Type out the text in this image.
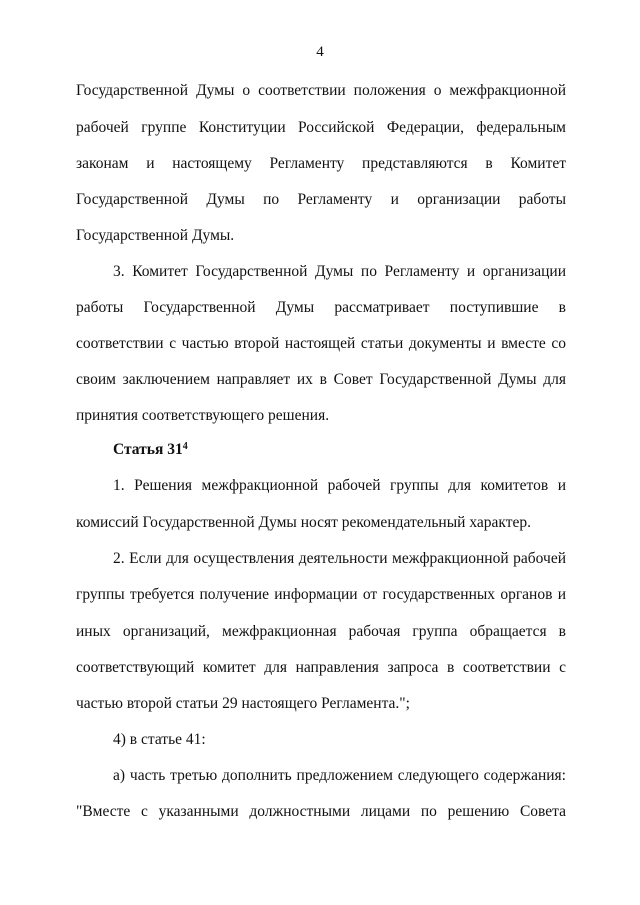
4
Государственной Думы о соответствии положения о межфракционной
рабочей группе Конституции Российской Федерации, федеральным
законам и настоящему Регламенту представляются в Комитет
Государственной Думы по Регламенту и организации работы
Государственной Думы.
3. Комитет Государственной Думы по Регламенту и организации
работы Государственной Думы рассматривает поступившие в
соответствии с частью второй настоящей статьи документы и вместе со
своим заключением направляет их в Совет Государственной Думы для
принятия соответствующего решения.
Статья $31^4$
1. Решения межфракционной рабочей группы для комитетов и
комиссий Государственной Думы носят рекомендательный характер.
2. Если для осуществления деятельности межфракционной рабочей
группы требуется получение информации от государственных органов и
иных организаций, межфракционная рабочая группа обращается в
соответствующий комитет для направления запроса в соответствии с
частью второй статьи 29 настоящего Регламента.";
4) в статье 41:
а) часть третью дополнить предложением следующего содержания:
"Вместе с указанными должностными лицами по решению Совета
